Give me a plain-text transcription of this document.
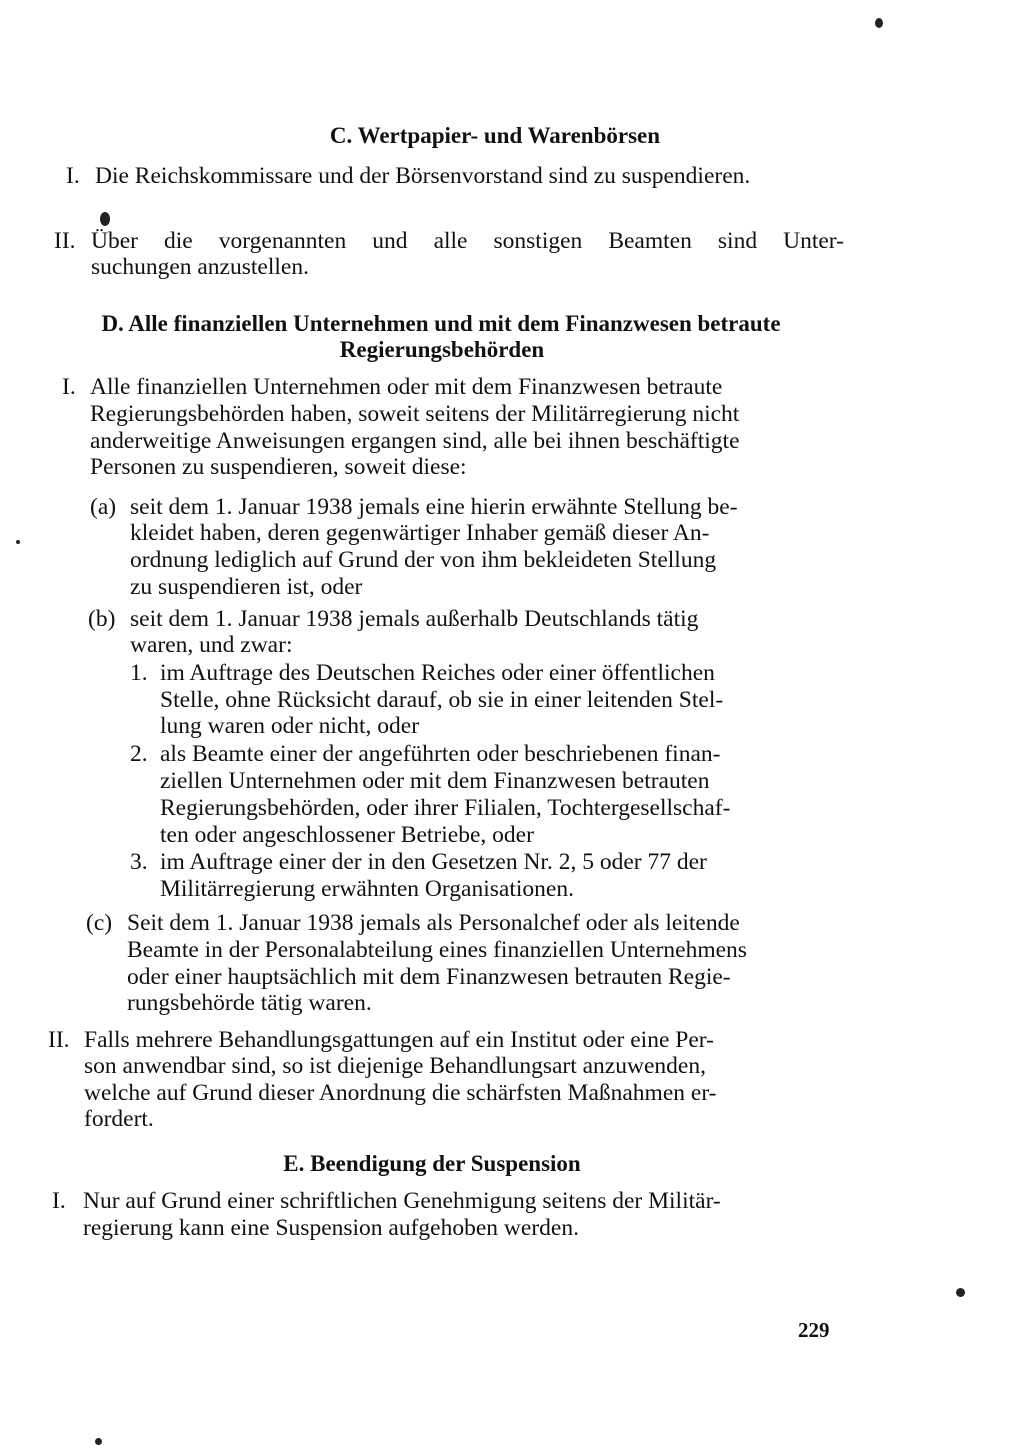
C. Wertpapier- und Warenbörsen
I. Die Reichskommissare und der Börsenvorstand sind zu suspendieren.
II. Über die vorgenannten und alle sonstigen Beamten sind Unter-
suchungen anzustellen.
D. Alle finanziellen Unternehmen und mit dem Finanzwesen betraute
Regierungsbehörden
I. Alle finanziellen Unternehmen oder mit dem Finanzwesen betraute
Regierungsbehörden haben, soweit seitens der Militärregierung nicht
anderweitige Anweisungen ergangen sind, alle bei ihnen beschäftigte
Personen zu suspendieren, soweit diese:
(a) seit dem 1. Januar 1938 jemals eine hierin erwähnte Stellung be-
kleidet haben, deren gegenwärtiger Inhaber gemäß dieser An-
ordnung lediglich auf Grund der von ihm bekleideten Stellung
zu suspendieren ist, oder
(b) seit dem 1. Januar 1938 jemals außerhalb Deutschlands tätig
waren, und zwar:
1. im Auftrage des Deutschen Reiches oder einer öffentlichen
Stelle, ohne Rücksicht darauf, ob sie in einer leitenden Stel-
lung waren oder nicht, oder
2. als Beamte einer der angeführten oder beschriebenen finan-
ziellen Unternehmen oder mit dem Finanzwesen betrauten
Regierungsbehörden, oder ihrer Filialen, Tochtergesellschaf-
ten oder angeschlossener Betriebe, oder
3. im Auftrage einer der in den Gesetzen Nr. 2, 5 oder 77 der
Militärregierung erwähnten Organisationen.
(c) Seit dem 1. Januar 1938 jemals als Personalchef oder als leitende
Beamte in der Personalabteilung eines finanziellen Unternehmens
oder einer hauptsächlich mit dem Finanzwesen betrauten Regie-
rungsbehörde tätig waren.
II. Falls mehrere Behandlungsgattungen auf ein Institut oder eine Per-
son anwendbar sind, so ist diejenige Behandlungsart anzuwenden,
welche auf Grund dieser Anordnung die schärfsten Maßnahmen er-
fordert.
E. Beendigung der Suspension
I. Nur auf Grund einer schriftlichen Genehmigung seitens der Militär-
regierung kann eine Suspension aufgehoben werden.
229
